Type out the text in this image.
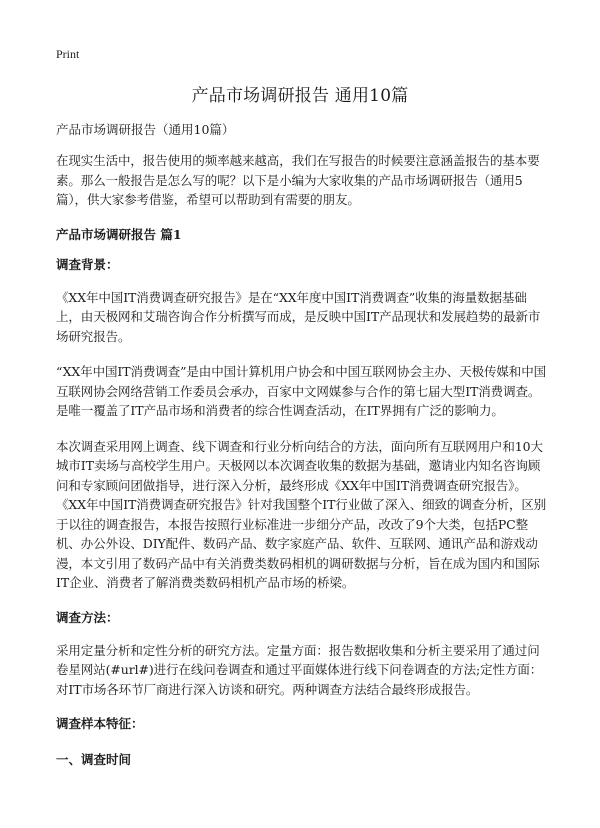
Print
产品市场调研报告 通用10篇
产品市场调研报告（通用10篇）

在现实生活中，报告使用的频率越来越高，我们在写报告的时候要注意涵盖报告的基本要素。那么一般报告是怎么写的呢？以下是小编为大家收集的产品市场调研报告（通用5篇），供大家参考借鉴，希望可以帮助到有需要的朋友。

产品市场调研报告 篇1
调查背景：

《XX年中国IT消费调查研究报告》是在“XX年度中国IT消费调查”收集的海量数据基础上，由天极网和艾瑞咨询合作分析撰写而成，是反映中国IT产品现状和发展趋势的最新市场研究报告。

“XX年中国IT消费调查”是由中国计算机用户协会和中国互联网协会主办、天极传媒和中国互联网协会网络营销工作委员会承办，百家中文网媒参与合作的第七届大型IT消费调查。是唯一覆盖了IT产品市场和消费者的综合性调查活动，在IT界拥有广泛的影响力。

本次调查采用网上调查、线下调查和行业分析向结合的方法，面向所有互联网用户和10大城市IT卖场与高校学生用户。天极网以本次调查收集的数据为基础，邀请业内知名咨询顾问和专家顾问团做指导，进行深入分析，最终形成《XX年中国IT消费调查研究报告》。《XX年中国IT消费调查研究报告》针对我国整个IT行业做了深入、细致的调查分析，区别于以往的调查报告，本报告按照行业标准进一步细分产品，改改了9个大类，包括PC整机、办公外设、DIY配件、数码产品、数字家庭产品、软件、互联网、通讯产品和游戏动漫，本文引用了数码产品中有关消费类数码相机的调研数据与分析，旨在成为国内和国际IT企业、消费者了解消费类数码相机产品市场的桥梁。

调查方法：

采用定量分析和定性分析的研究方法。定量方面：报告数据收集和分析主要采用了通过问卷星网站(#url#)进行在线问卷调查和通过平面媒体进行线下问卷调查的方法;定性方面：对IT市场各环节厂商进行深入访谈和研究。两种调查方法结合最终形成报告。

调查样本特征：
一、调查时间
